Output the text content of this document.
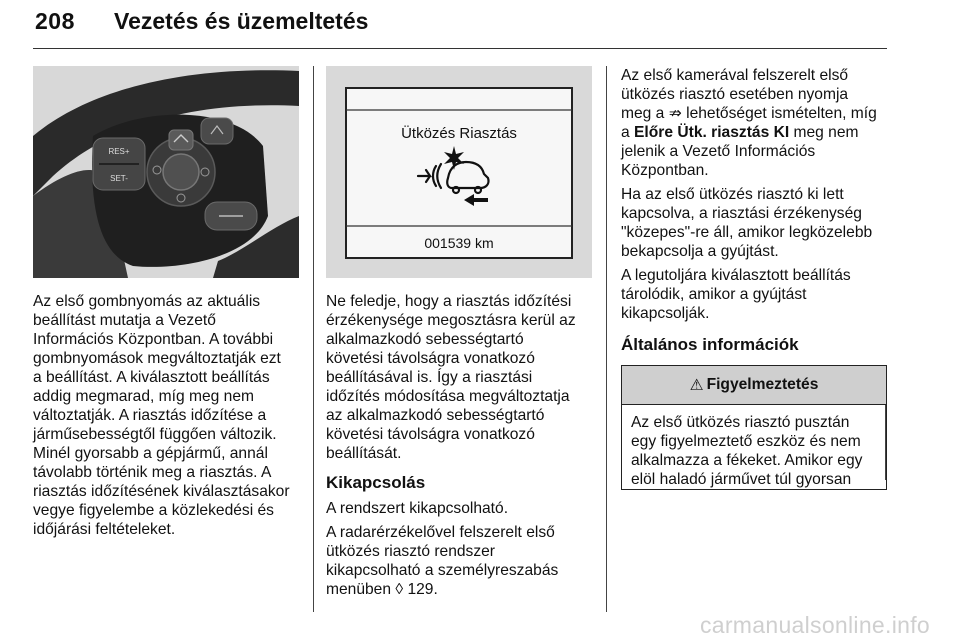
208 Vezetés és üzemeltetés
RES+
SET-

Az első gombnyomás az aktuális

beállítást mutatja a Vezető

Információs Központban. A további

gombnyomások megváltoztatják ezt

a beállítást. A kiválasztott beállítás

addig megmarad, míg meg nem

változtatják. A riasztás időzítése a

járműsebességtől függően változik.

Minél gyorsabb a gépjármű, annál

távolabb történik meg a riasztás. A

riasztás időzítésének kiválasztásakor

vegye figyelembe a közlekedési és

időjárási feltételeket.

Ütközés Riasztás
001539 km

Ne feledje, hogy a riasztás időzítési

érzékenysége megosztásra kerül az

alkalmazkodó sebességtartó

követési távolságra vonatkozó

beállításával is. Így a riasztási

időzítés módosítása megváltoztatja

az alkalmazkodó sebességtartó

követési távolságra vonatkozó

beállítását.

Kikapcsolás

A rendszert kikapcsolható.

A radarérzékelővel felszerelt első

ütközés riasztó rendszer

kikapcsolható a személyreszabás

menüben ◊ 129.

Az első kamerával felszerelt első

ütközés riasztó esetében nyomja

meg a ⇏ lehetőséget ismételten, míg

a Előre Ütk. riasztás KI meg nem

jelenik a Vezető Információs

Központban.

Ha az első ütközés riasztó ki lett

kapcsolva, a riasztási érzékenység

"közepes"-re áll, amikor legközelebb

bekapcsolja a gyújtást.

A legutoljára kiválasztott beállítás

tárolódik, amikor a gyújtást

kikapcsolják.

Általános információk
⚠ Figyelmeztetés

Az első ütközés riasztó pusztán

egy figyelmeztető eszköz és nem

alkalmazza a fékeket. Amikor egy

elöl haladó járművet túl gyorsan

carmanualsonline.info
